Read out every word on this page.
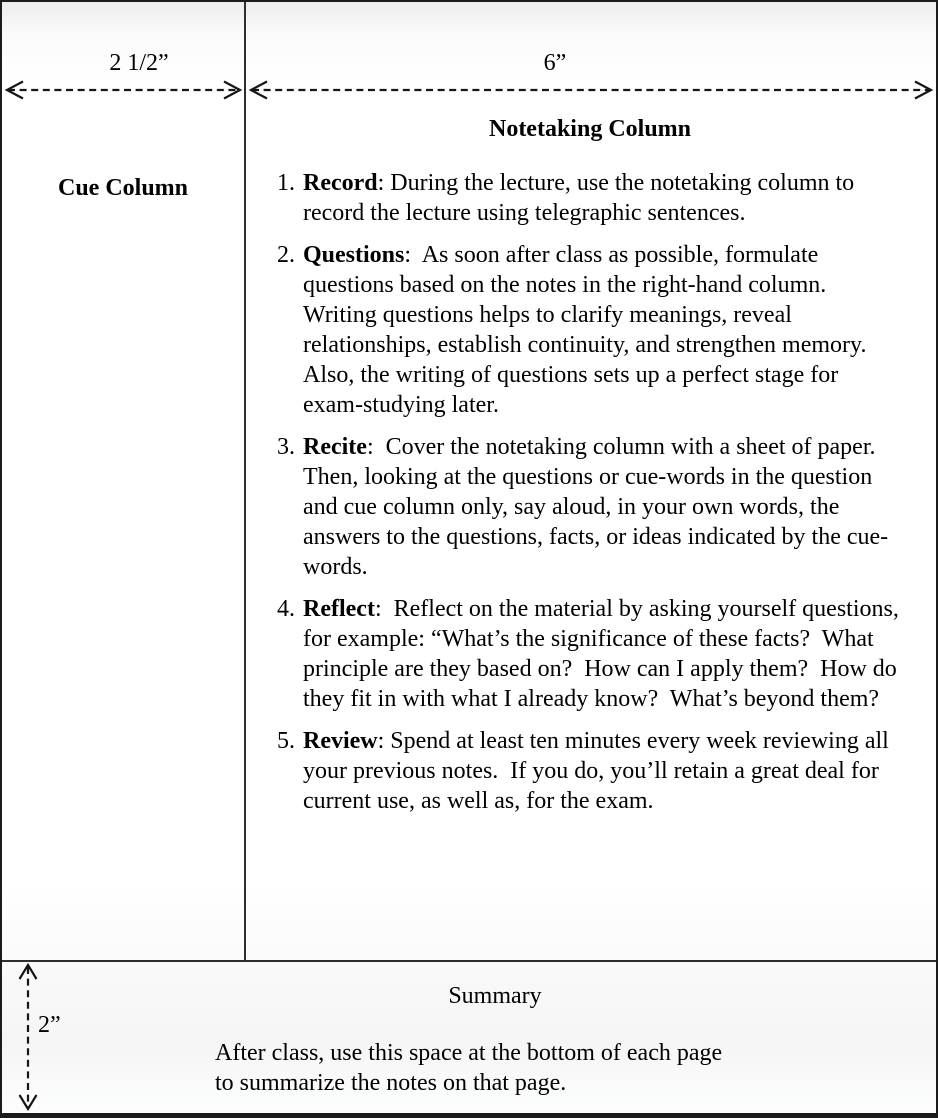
2 1/2”	6”
Cue Column
Notetaking Column
1. Record: During the lecture, use the notetaking column to record the lecture using telegraphic sentences.
2. Questions:  As soon after class as possible, formulate questions based on the notes in the right-hand column.  Writing questions helps to clarify meanings, reveal relationships, establish continuity, and strengthen memory.  Also, the writing of questions sets up a perfect stage for exam-studying later.
3. Recite:  Cover the notetaking column with a sheet of paper.  Then, looking at the questions or cue-words in the question and cue column only, say aloud, in your own words, the answers to the questions, facts, or ideas indicated by the cue-words.
4. Reflect:  Reflect on the material by asking yourself questions, for example: “What’s the significance of these facts?  What principle are they based on?  How can I apply them?  How do they fit in with what I already know?  What’s beyond them?
5. Review: Spend at least ten minutes every week reviewing all your previous notes.  If you do, you’ll retain a great deal for current use, as well as, for the exam.
2”
Summary
After class, use this space at the bottom of each page
to summarize the notes on that page.
